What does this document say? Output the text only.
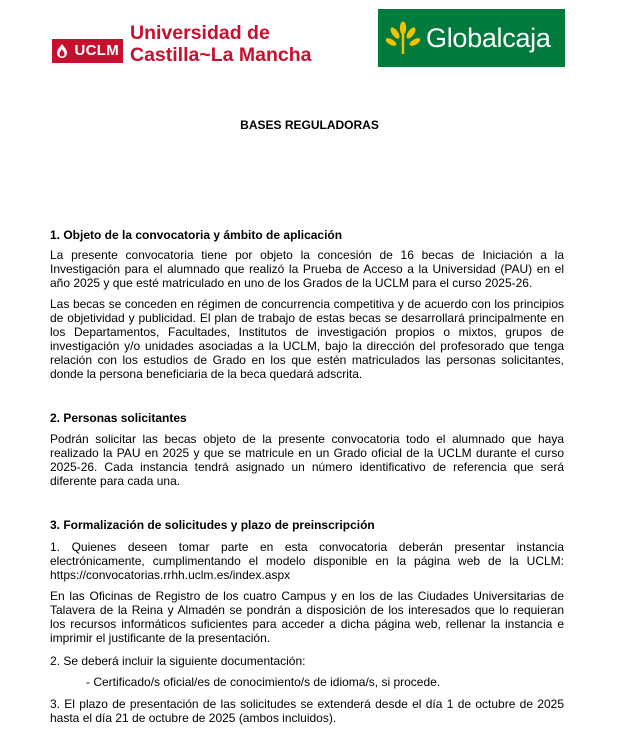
UCLM
Universidad de
Castilla~La Mancha
Globalcaja
BASES REGULADORAS
1. Objeto de la convocatoria y ámbito de aplicación
La presente convocatoria tiene por objeto la concesión de 16 becas de Iniciación a la Investigación para el alumnado que realizó la Prueba de Acceso a la Universidad (PAU) en el año 2025 y que esté matriculado en uno de los Grados de la UCLM para el curso 2025-26.
Las becas se conceden en régimen de concurrencia competitiva y de acuerdo con los principios de objetividad y publicidad. El plan de trabajo de estas becas se desarrollará principalmente en los Departamentos, Facultades, Institutos de investigación propios o mixtos, grupos de investigación y/o unidades asociadas a la UCLM, bajo la dirección del profesorado que tenga relación con los estudios de Grado en los que estén matriculados las personas solicitantes, donde la persona beneficiaria de la beca quedará adscrita.
2. Personas solicitantes
Podrán solicitar las becas objeto de la presente convocatoria todo el alumnado que haya realizado la PAU en 2025 y que se matricule en un Grado oficial de la UCLM durante el curso 2025-26. Cada instancia tendrá asignado un número identificativo de referencia que será diferente para cada una.
3. Formalización de solicitudes y plazo de preinscripción
1. Quienes deseen tomar parte en esta convocatoria deberán presentar instancia electrónicamente, cumplimentando el modelo disponible en la página web de la UCLM: https://convocatorias.rrhh.uclm.es/index.aspx
En las Oficinas de Registro de los cuatro Campus y en los de las Ciudades Universitarias de Talavera de la Reina y Almadén se pondrán a disposición de los interesados que lo requieran los recursos informáticos suficientes para acceder a dicha página web, rellenar la instancia e imprimir el justificante de la presentación.
2. Se deberá incluir la siguiente documentación:
- Certificado/s oficial/es de conocimiento/s de idioma/s, si procede.
3. El plazo de presentación de las solicitudes se extenderá desde el día 1 de octubre de 2025 hasta el día 21 de octubre de 2025 (ambos incluidos).
